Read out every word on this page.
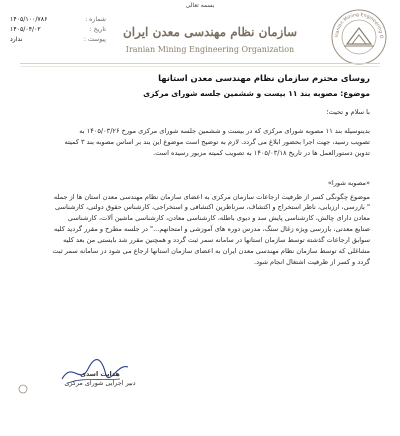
بسمه تعالی
شماره :
۱۴۰۵/۱۰۰/۷۸۶
تاریخ :
۱۴۰۵/۰۴/۰۲
پیوست :
ندارد	Iranian Mining Engineering O
سازمان نظام مهندسی معدن ایران
Iranian Mining Engineering Organization
روسای محترم سازمان نظام مهندسی معدن استانها
موضوع: مصوبه بند ۱۱ بیست و ششمین جلسه شورای مرکزی
با سلام و تحیت؛
بدینوسیله بند ۱۱ مصوبه شورای مرکزی که در بیست و ششمین جلسه شورای مرکزی مورخ ۱۴۰۵/۰۳/۲۶ به
تصویب رسید، جهت اجرا بحضور ابلاغ می گردد. لازم به توضیح است موضوع این بند بر اساس مصوبه بند ۳ کمیته
تدوین دستورالعمل ها در تاریخ ۱۴۰۵/۰۳/۱۸ به تصویب کمیته مزبور رسیده است.
«مصوبه شورا»
موضوع چگونگی کسر از ظرفیت ارجاعات سازمان مرکزی به اعضای سازمان نظام مهندسی معدن استان ها از جمله
" بازرسی، ارزیابی، ناظر استخراج و اکتشاف، سرناظرین اکتشافی و استخراجی، کارشناس حقوق دولتی، کارشناسی
معادن دارای چالش، کارشناسی پایش سد و دیوی باطله، کارشناسی معادن، کارشناسی ماشین آلات، کارشناسی
صنایع معدنی، بازرسی ویژه زغال سنگ، مدرس دوره های آموزشی و امتحانهم..." در جلسه مطرح و مقرر گردید کلیه
سوابق ارجاعات گذشته توسط سازمان استانها در سامانه سمر ثبت گردد و همچنین مقرر شد بایستی من بعد کلیه
مشاغلی که توسط سازمان نظام مهندسی معدن ایران به اعضای سازمان استانها ارجاع می شود در سامانه سمر ثبت
گردد و کسر از ظرفیت اشتغال انجام شود.
هدایت اسدی
دبیر اجرایی شورای مرکزی
